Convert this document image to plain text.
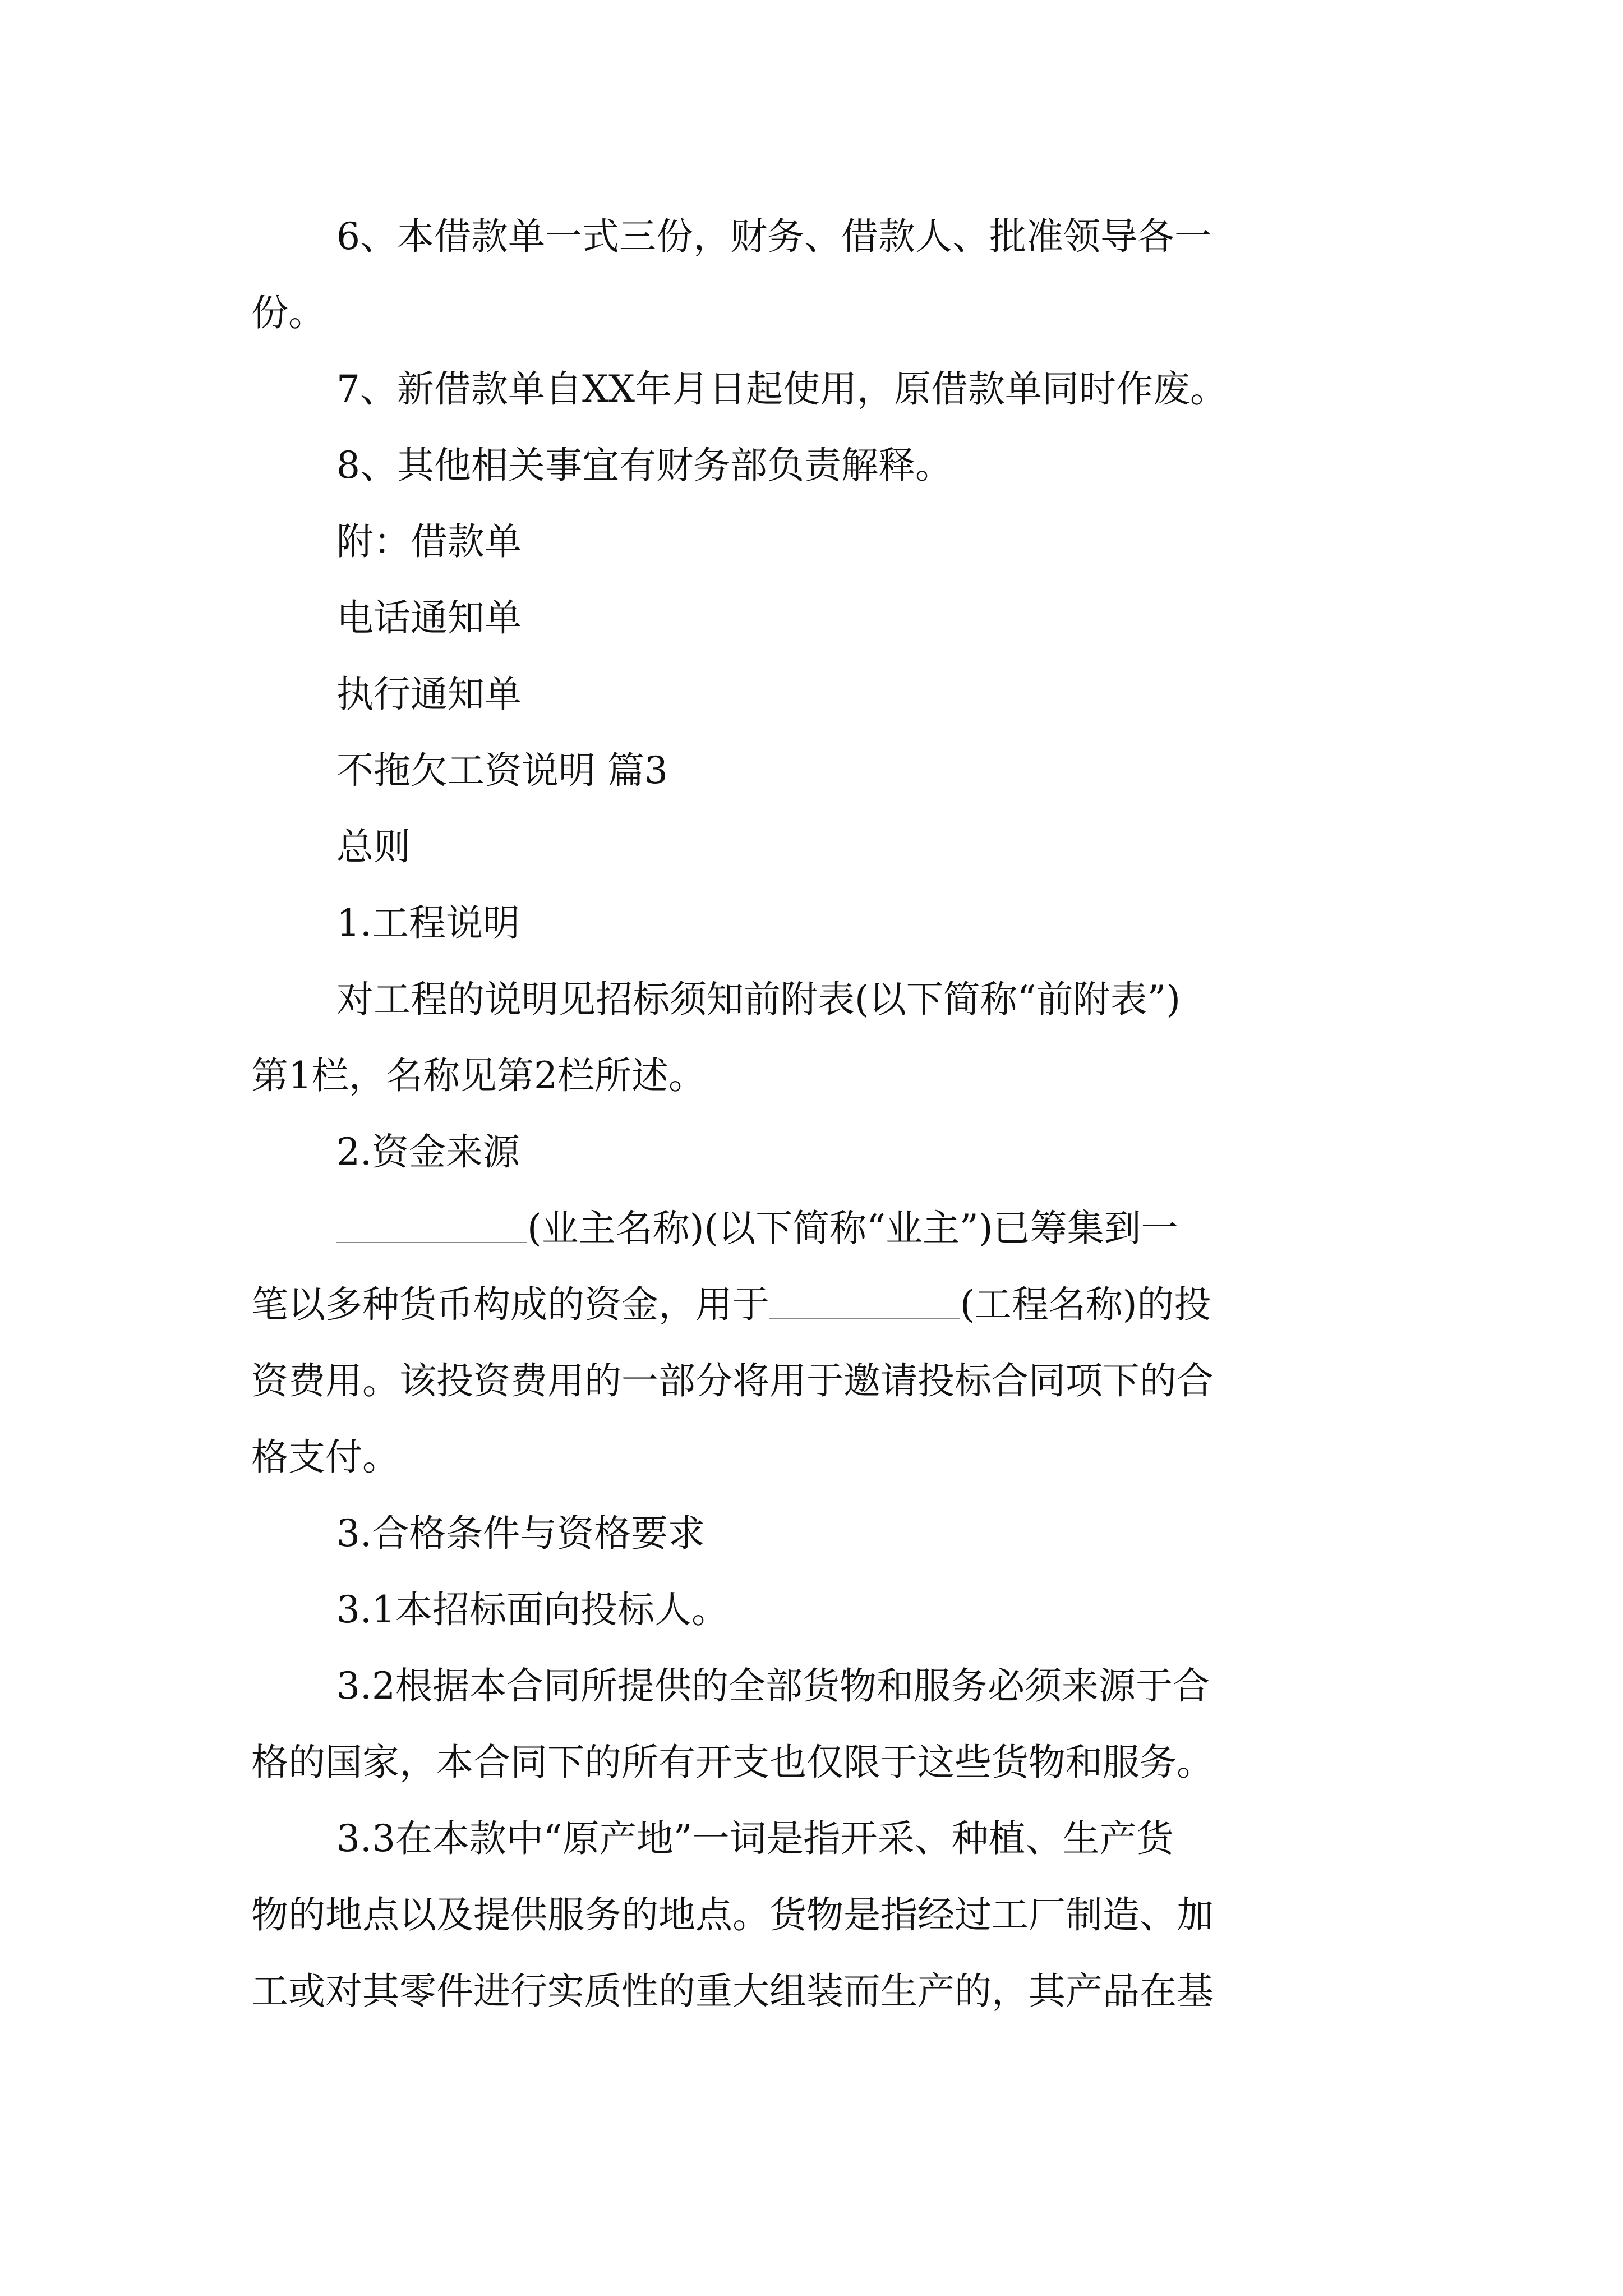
6、本借款单一式三份，财务、借款人、批准领导各一

份。

7、新借款单自XX年月日起使用，原借款单同时作废。

8、其他相关事宜有财务部负责解释。

附：借款单

电话通知单

执行通知单

不拖欠工资说明 篇3

总则

1.工程说明

对工程的说明见招标须知前附表(以下简称“前附表”)

第1栏，名称见第2栏所述。

2.资金来源

(业主名称)(以下简称“业主”)已筹集到一

笔以多种货币构成的资金，用于	(工程名称)的投

资费用。该投资费用的一部分将用于邀请投标合同项下的合

格支付。

3.合格条件与资格要求

3.1本招标面向投标人。

3.2根据本合同所提供的全部货物和服务必须来源于合

格的国家，本合同下的所有开支也仅限于这些货物和服务。

3.3在本款中“原产地”一词是指开采、种植、生产货

物的地点以及提供服务的地点。货物是指经过工厂制造、加

工或对其零件进行实质性的重大组装而生产的，其产品在基
